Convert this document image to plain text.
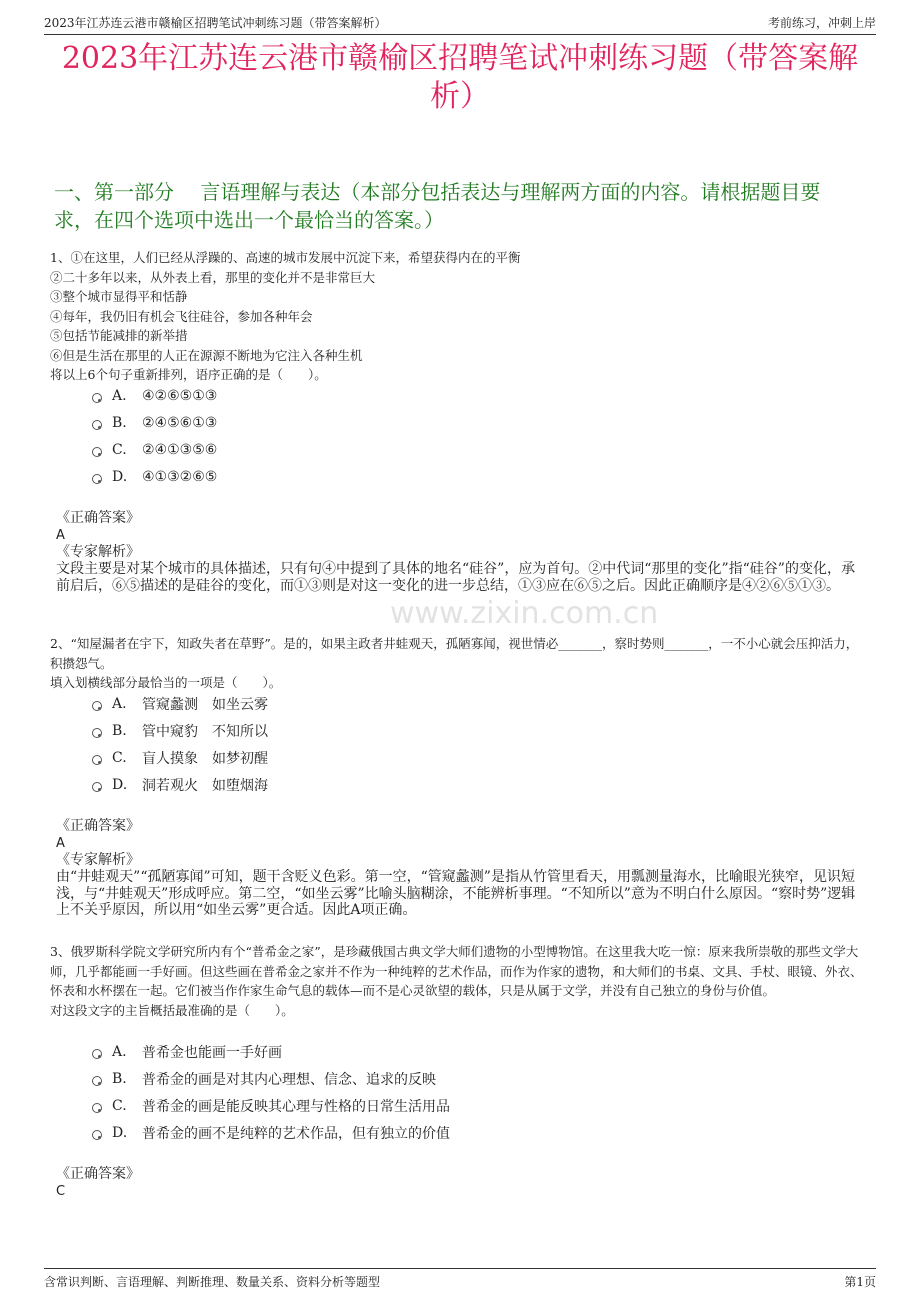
2023年江苏连云港市赣榆区招聘笔试冲刺练习题（带答案解析）	考前练习，冲刺上岸
2023年江苏连云港市赣榆区招聘笔试冲刺练习题（带答案解析）
一、第一部分　 言语理解与表达（本部分包括表达与理解两方面的内容。请根据题目要求，在四个选项中选出一个最恰当的答案。）
www.zixin.com.cn

1、①在这里，人们已经从浮躁的、高速的城市发展中沉淀下来，希望获得内在的平衡

②二十多年以来，从外表上看，那里的变化并不是非常巨大

③整个城市显得平和恬静

④每年，我仍旧有机会飞往硅谷，参加各种年会

⑤包括节能减排的新举措

⑥但是生活在那里的人正在源源不断地为它注入各种生机

将以上6个句子重新排列，语序正确的是（　　）。

A.	④②⑥⑤①③
B.	②④⑤⑥①③
C.	②④①③⑤⑥
D.	④①③②⑥⑤

《正确答案》

A

《专家解析》

文段主要是对某个城市的具体描述，只有句④中提到了具体的地名“硅谷”，应为首句。②中代词“那里的变化”指“硅谷”的变化，承前启后，⑥⑤描述的是硅谷的变化，而①③则是对这一变化的进一步总结，①③应在⑥⑤之后。因此正确顺序是④②⑥⑤①③。

2、“知屋漏者在宇下，知政失者在草野”。是的，如果主政者井蛙观天，孤陋寡闻，视世情必_______，察时势则_______，一不小心就会压抑活力，积攒怨气。

填入划横线部分最恰当的一项是（　　）。

A.	管窥蠡测　如坐云雾
B.	管中窥豹　不知所以
C.	盲人摸象　如梦初醒
D.	洞若观火　如堕烟海

《正确答案》

A

《专家解析》

由“井蛙观天”“孤陋寡闻”可知，题干含贬义色彩。第一空，“管窥蠡测”是指从竹管里看天，用瓢测量海水，比喻眼光狭窄，见识短浅，与“井蛙观天”形成呼应。第二空，“如坐云雾”比喻头脑糊涂，不能辨析事理。“不知所以”意为不明白什么原因。“察时势”逻辑上不关乎原因，所以用“如坐云雾”更合适。因此A项正确。

3、俄罗斯科学院文学研究所内有个“普希金之家”，是珍藏俄国古典文学大师们遗物的小型博物馆。在这里我大吃一惊：原来我所崇敬的那些文学大师，几乎都能画一手好画。但这些画在普希金之家并不作为一种纯粹的艺术作品，而作为作家的遗物，和大师们的书桌、文具、手杖、眼镜、外衣、怀表和水杯摆在一起。它们被当作作家生命气息的载体—而不是心灵欲望的载体，只是从属于文学，并没有自己独立的身份与价值。

对这段文字的主旨概括最准确的是（　　）。

A.	普希金也能画一手好画
B.	普希金的画是对其内心理想、信念、追求的反映
C.	普希金的画是能反映其心理与性格的日常生活用品
D.	普希金的画不是纯粹的艺术作品，但有独立的价值

《正确答案》

C

含常识判断、言语理解、判断推理、数量关系、资料分析等题型	第1页
